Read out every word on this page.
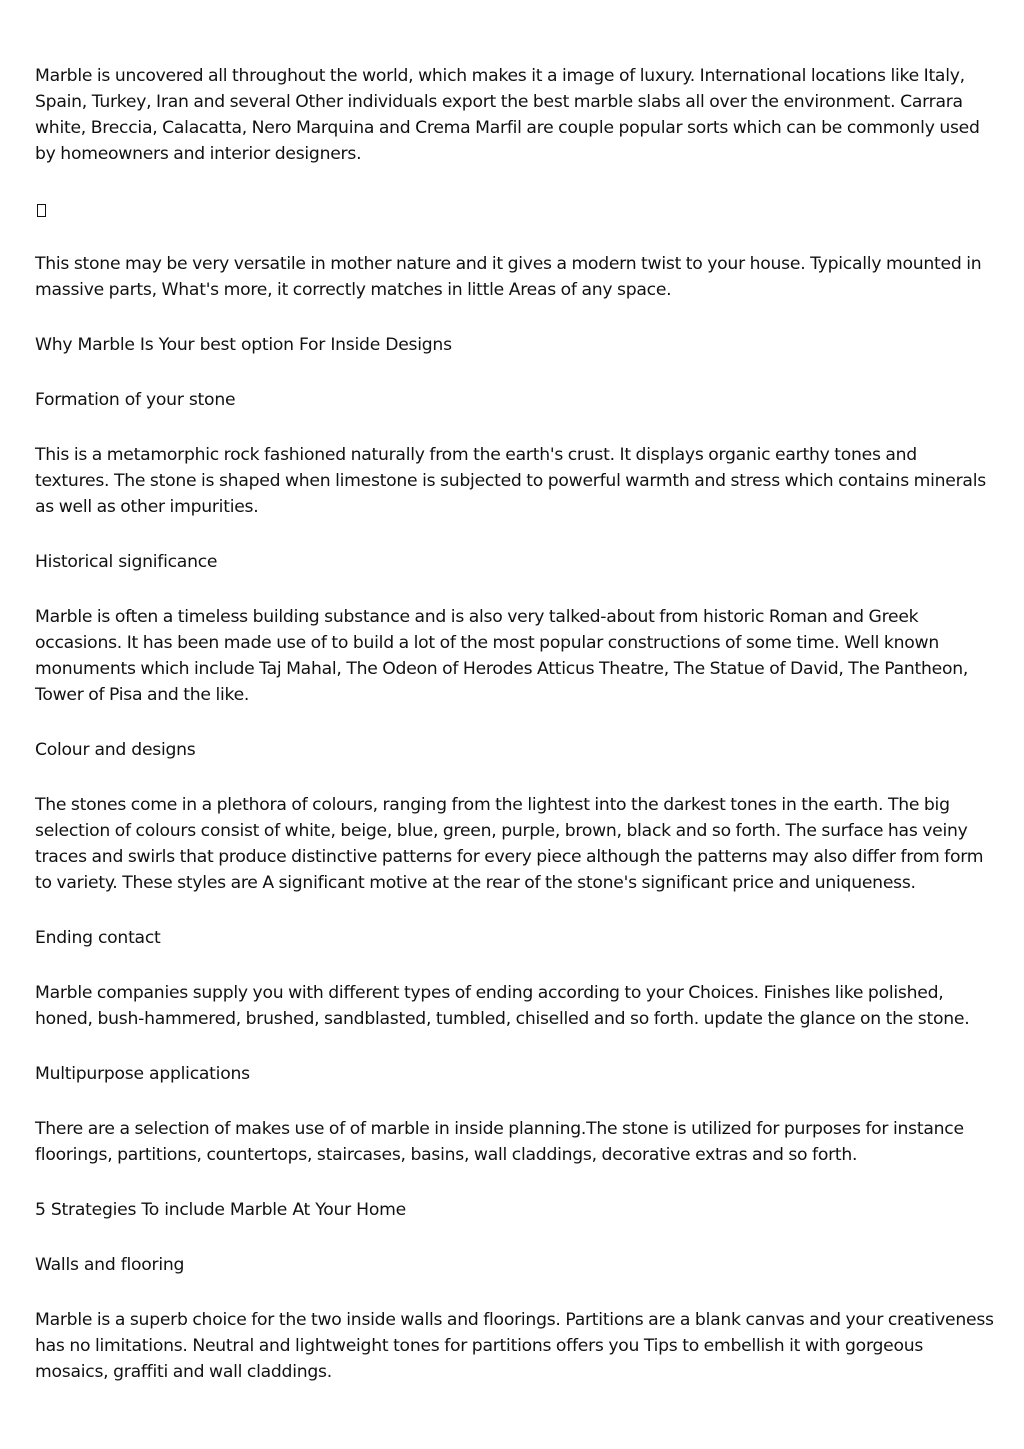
Marble is uncovered all throughout the world, which makes it a image of luxury. International locations like Italy, Spain, Turkey, Iran and several Other individuals export the best marble slabs all over the environment. Carrara white, Breccia, Calacatta, Nero Marquina and Crema Marfil are couple popular sorts which can be commonly used by homeowners and interior designers.

This stone may be very versatile in mother nature and it gives a modern twist to your house. Typically mounted in massive parts, What's more, it correctly matches in little Areas of any space.

Why Marble Is Your best option For Inside Designs

Formation of your stone

This is a metamorphic rock fashioned naturally from the earth's crust. It displays organic earthy tones and textures. The stone is shaped when limestone is subjected to powerful warmth and stress which contains minerals as well as other impurities.

Historical significance

Marble is often a timeless building substance and is also very talked-about from historic Roman and Greek occasions. It has been made use of to build a lot of the most popular constructions of some time. Well known monuments which include Taj Mahal, The Odeon of Herodes Atticus Theatre, The Statue of David, The Pantheon, Tower of Pisa and the like.

Colour and designs

The stones come in a plethora of colours, ranging from the lightest into the darkest tones in the earth. The big selection of colours consist of white, beige, blue, green, purple, brown, black and so forth. The surface has veiny traces and swirls that produce distinctive patterns for every piece although the patterns may also differ from form to variety. These styles are A significant motive at the rear of the stone's significant price and uniqueness.

Ending contact

Marble companies supply you with different types of ending according to your Choices. Finishes like polished, honed, bush-hammered, brushed, sandblasted, tumbled, chiselled and so forth. update the glance on the stone.

Multipurpose applications

There are a selection of makes use of of marble in inside planning.The stone is utilized for purposes for instance floorings, partitions, countertops, staircases, basins, wall claddings, decorative extras and so forth.

5 Strategies To include Marble At Your Home

Walls and flooring

Marble is a superb choice for the two inside walls and floorings. Partitions are a blank canvas and your creativeness has no limitations. Neutral and lightweight tones for partitions offers you Tips to embellish it with gorgeous mosaics, graffiti and wall claddings.
